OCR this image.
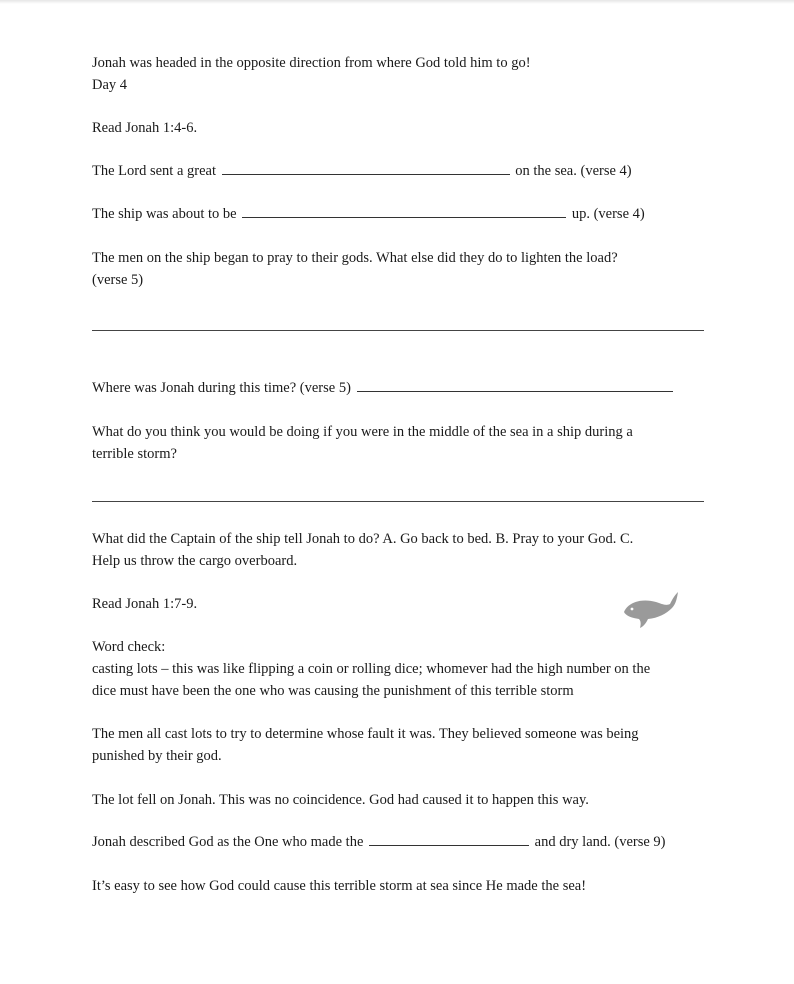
Jonah was headed in the opposite direction from where God told him to go!
Day 4
Read Jonah 1:4-6.
The Lord sent a great	on the sea. (verse 4)
The ship was about to be	up. (verse 4)
The men on the ship began to pray to their gods. What else did they do to lighten the load?
(verse 5)
Where was Jonah during this time? (verse 5)
What do you think you would be doing if you were in the middle of the sea in a ship during a
terrible storm?
What did the Captain of the ship tell Jonah to do? A. Go back to bed. B. Pray to your God. C.
Help us throw the cargo overboard.
Read Jonah 1:7-9.
Word check:
casting lots – this was like flipping a coin or rolling dice; whomever had the high number on the
dice must have been the one who was causing the punishment of this terrible storm
The men all cast lots to try to determine whose fault it was. They believed someone was being
punished by their god.
The lot fell on Jonah. This was no coincidence. God had caused it to happen this way.
Jonah described God as the One who made the	and dry land. (verse 9)
It’s easy to see how God could cause this terrible storm at sea since He made the sea!
